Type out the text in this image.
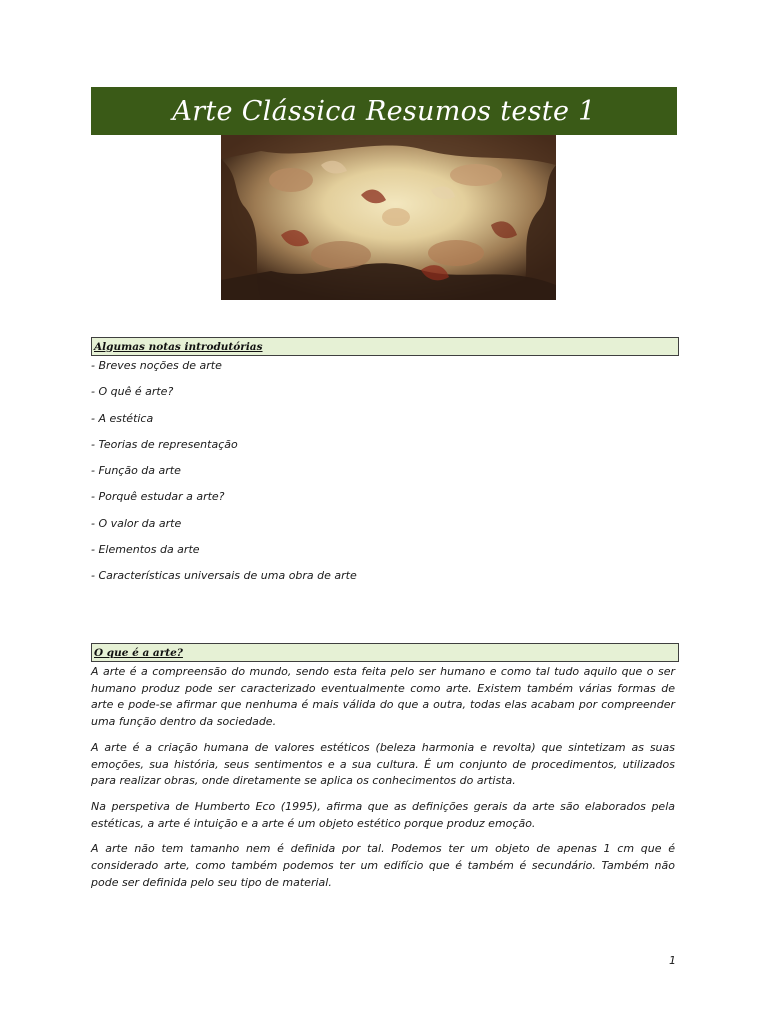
Arte Clássica Resumos teste 1
Algumas notas introdutórias
- Breves noções de arte
- O quê é arte?
- A estética
- Teorias de representação
- Função da arte
- Porquê estudar a arte?
- O valor da arte
- Elementos da arte
- Características universais de uma obra de arte
O que é a arte?

A arte é a compreensão do mundo, sendo esta feita pelo ser humano e como tal tudo aquilo que o ser humano produz pode ser caracterizado eventualmente como arte. Existem também várias formas de arte e pode-se afirmar que nenhuma é mais válida do que a outra, todas elas acabam por compreender uma função dentro da sociedade.

A arte é a criação humana de valores estéticos (beleza harmonia e revolta) que sintetizam as suas emoções, sua história, seus sentimentos e a sua cultura. É um conjunto de procedimentos, utilizados para realizar obras, onde diretamente se aplica os conhecimentos do artista.

Na perspetiva de Humberto Eco (1995), afirma que as definições gerais da arte são elaborados pela estéticas, a arte é intuição e a arte é um objeto estético porque produz emoção.

A arte não tem tamanho nem é definida por tal. Podemos ter um objeto de apenas 1 cm que é considerado arte, como também podemos ter um edifício que é também é secundário. Também não pode ser definida pelo seu tipo de material.

1
